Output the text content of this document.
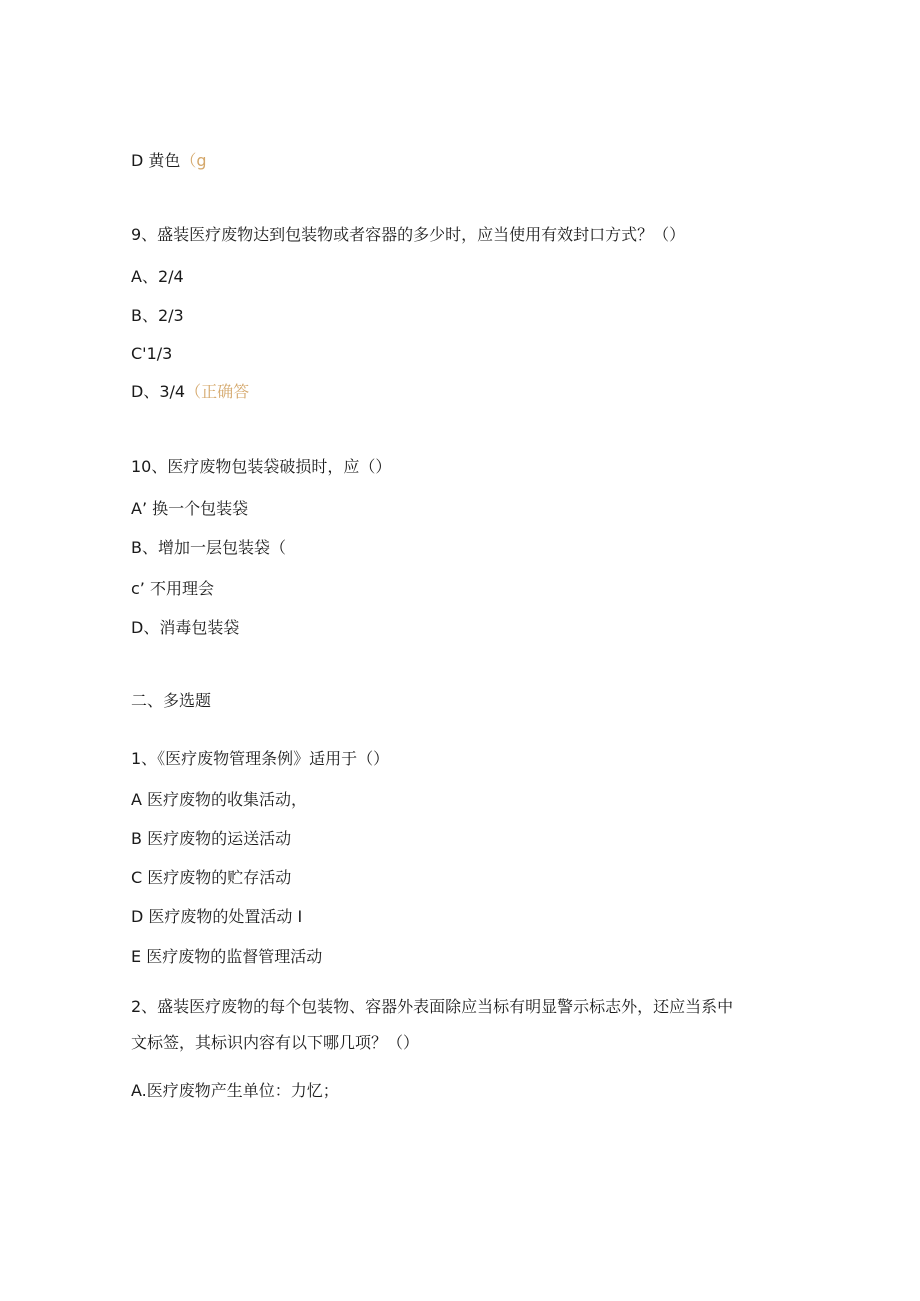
D 黄色（g
9、盛装医疗废物达到包装物或者容器的多少时，应当使用有效封口方式？（）
A、2/4
B、2/3
C'1/3
D、3/4（正确答
10、医疗废物包装袋破损时，应（）
A’ 换一个包装袋
B、增加一层包装袋（
c’ 不用理会
D、消毒包装袋
二、多选题
1、《医疗废物管理条例》适用于（）
A 医疗废物的收集活动，
B 医疗废物的运送活动
C 医疗废物的贮存活动
D 医疗废物的处置活动 I
E 医疗废物的监督管理活动
2、盛装医疗废物的每个包装物、容器外表面除应当标有明显警示标志外，还应当系中
文标签，其标识内容有以下哪几项？（）
A.医疗废物产生单位：力忆；
